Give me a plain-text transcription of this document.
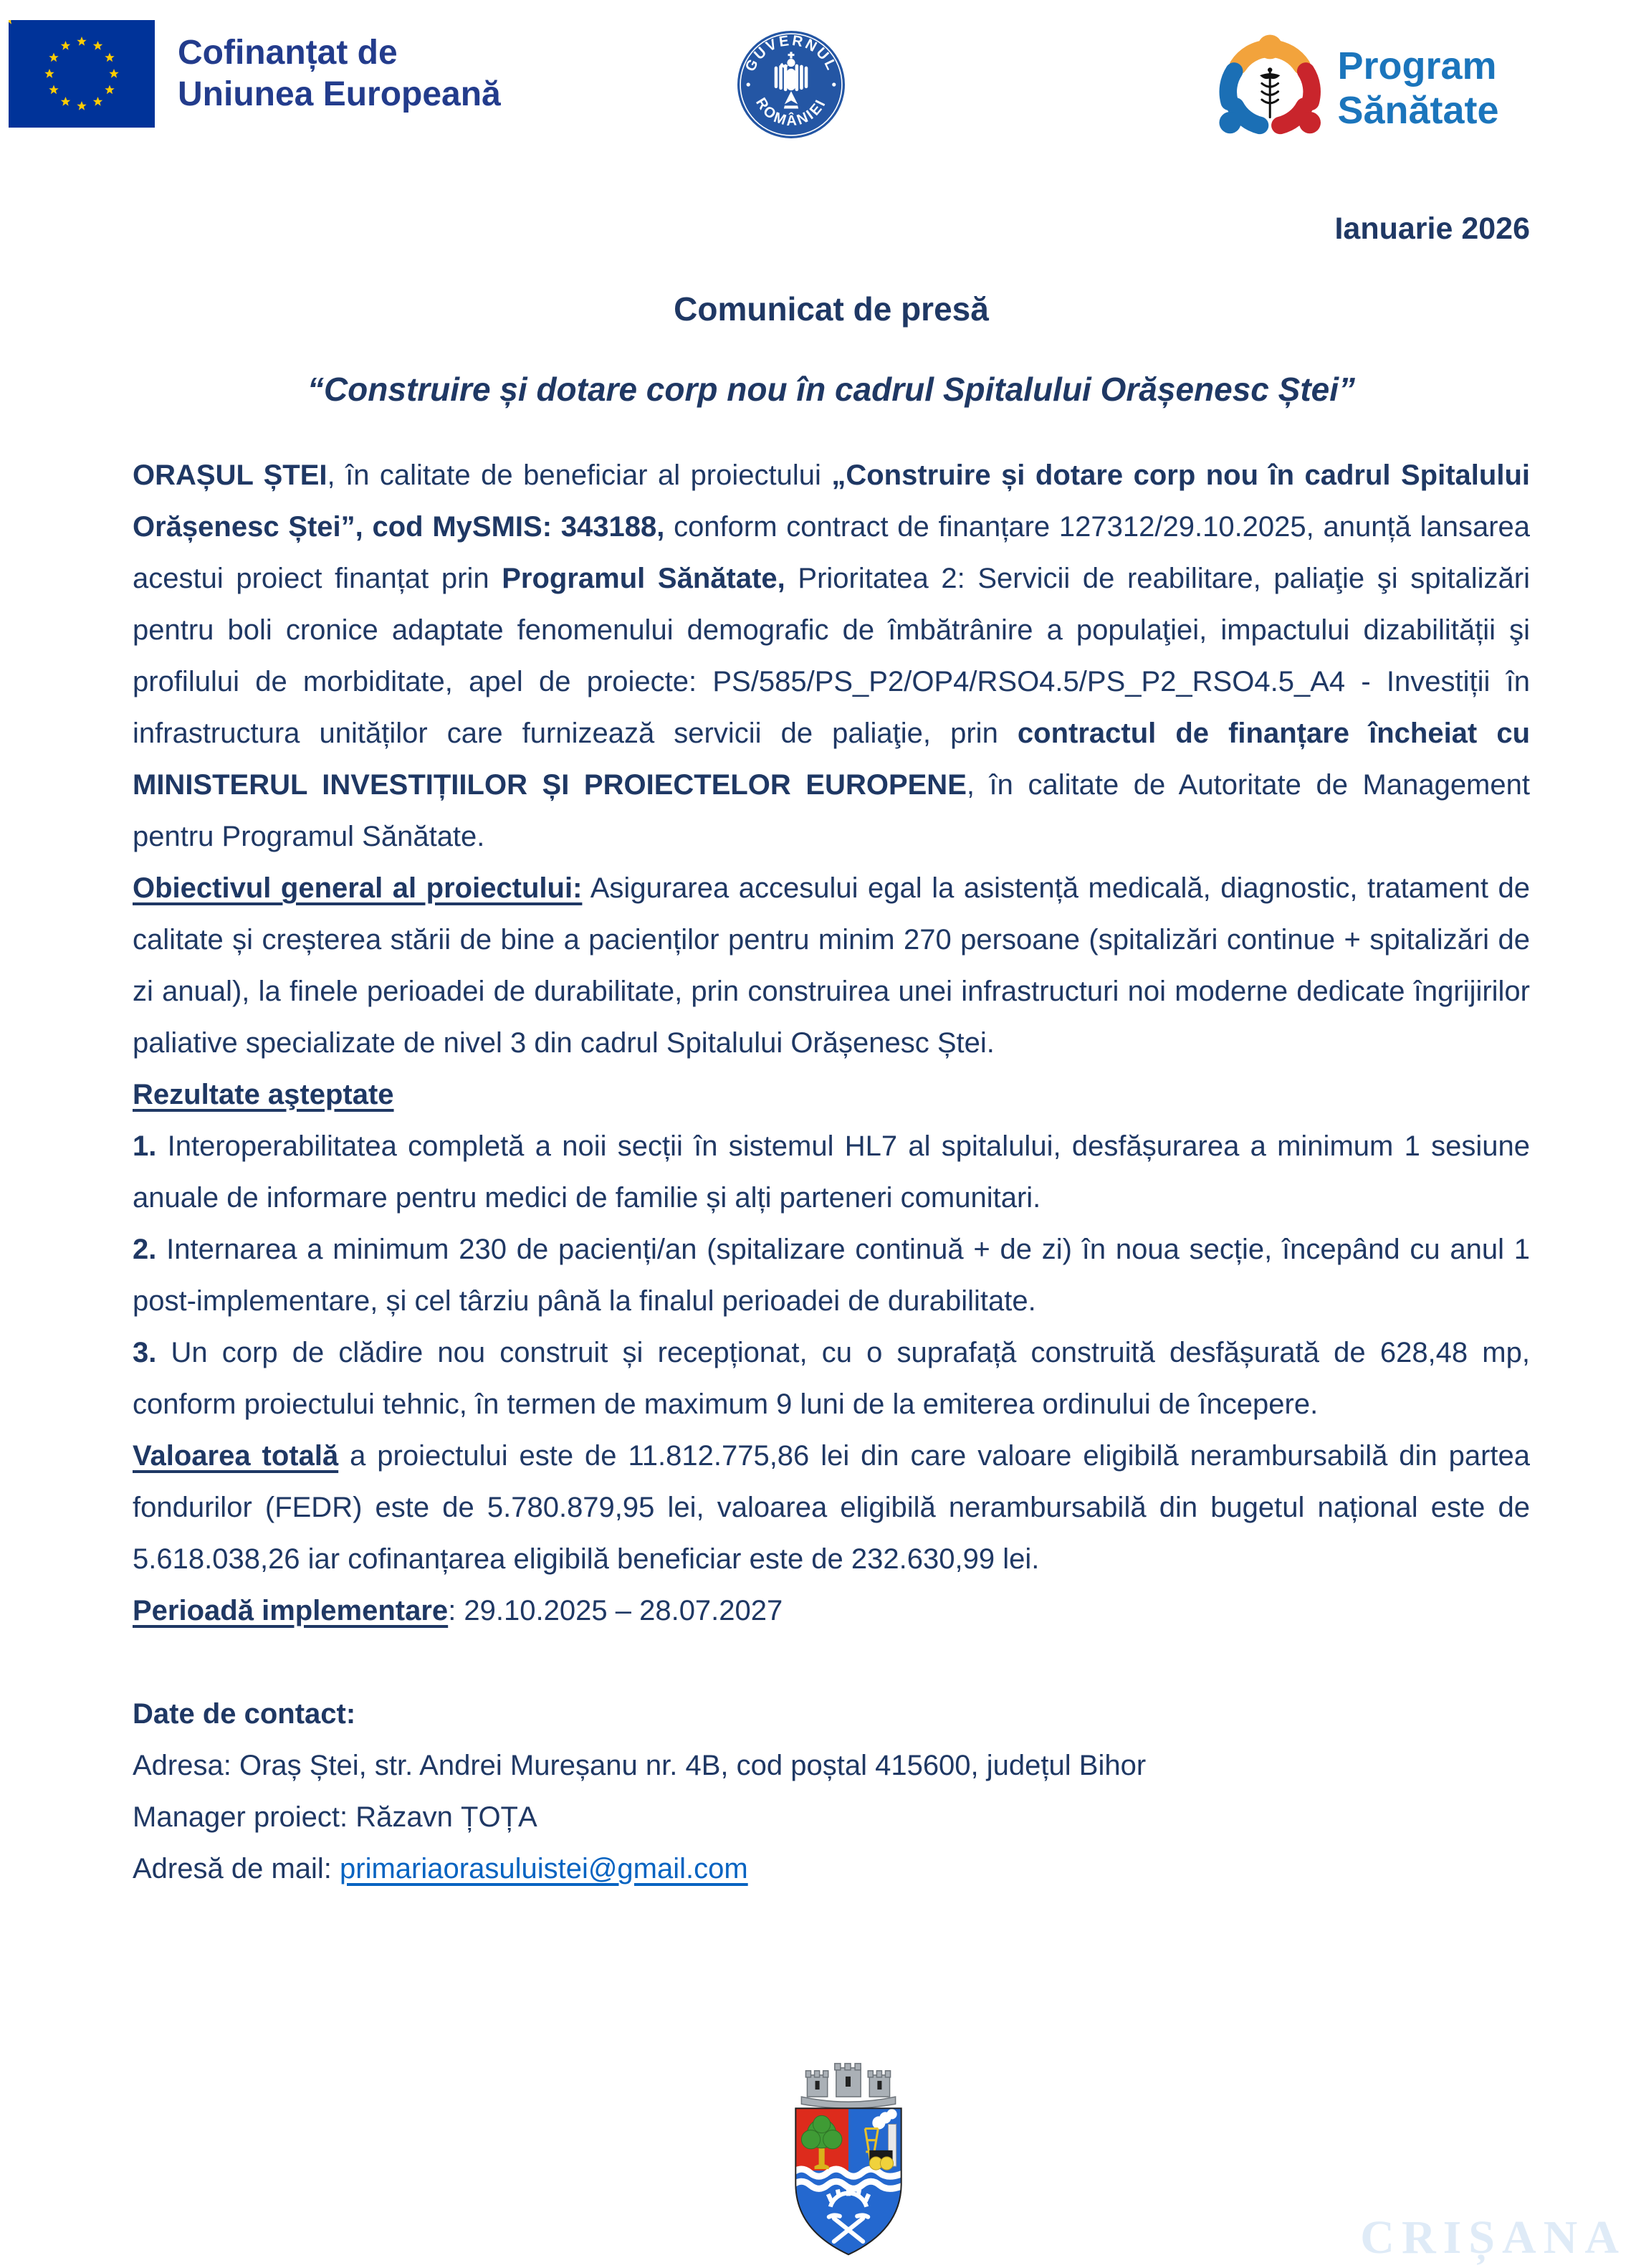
Cofinanțat de
Uniunea Europeană
GUVERNUL
ROMÂNIEI
Program Sănătate
Ianuarie 2026
Comunicat de presă
“Construire și dotare corp nou în cadrul Spitalului Orășenesc Ștei”

ORAȘUL ȘTEI, în calitate de beneficiar al proiectului „Construire și dotare corp nou în cadrul Spitalului Orășenesc Ștei”, cod MySMIS: 343188, conform contract de finanțare 127312/29.10.2025, anunță lansarea acestui proiect finanțat prin Programul Sănătate, Prioritatea 2: Servicii de reabilitare, paliaţie şi spitalizări pentru boli cronice adaptate fenomenului demografic de îmbătrânire a populaţiei, impactului dizabilității şi profilului de morbiditate, apel de proiecte: PS/585/PS_P2/OP4/RSO4.5/PS_P2_RSO4.5_A4 - Investiții în infrastructura unităților care furnizează servicii de paliaţie, prin contractul de finanțare încheiat cu MINISTERUL INVESTIȚIILOR ȘI PROIECTELOR EUROPENE, în calitate de Autoritate de Management pentru Programul Sănătate.

Obiectivul general al proiectului: Asigurarea accesului egal la asistență medicală, diagnostic, tratament de calitate și creșterea stării de bine a pacienților pentru minim 270 persoane (spitalizări continue + spitalizări de zi anual), la finele perioadei de durabilitate, prin construirea unei infrastructuri noi moderne dedicate îngrijirilor paliative specializate de nivel 3 din cadrul Spitalului Orășenesc Ștei.

Rezultate aşteptate

1. Interoperabilitatea completă a noii secții în sistemul HL7 al spitalului, desfășurarea a minimum 1 sesiune anuale de informare pentru medici de familie și alți parteneri comunitari.

2. Internarea a minimum 230 de pacienți/an (spitalizare continuă + de zi) în noua secție, începând cu anul 1 post-implementare, și cel târziu până la finalul perioadei de durabilitate.

3. Un corp de clădire nou construit și recepționat, cu o suprafață construită desfășurată de 628,48 mp, conform proiectului tehnic, în termen de maximum 9 luni de la emiterea ordinului de începere.

Valoarea totală a proiectului este de 11.812.775,86 lei din care valoare eligibilă nerambursabilă din partea fondurilor (FEDR) este de 5.780.879,95 lei, valoarea eligibilă nerambursabilă din bugetul național este de 5.618.038,26 iar cofinanțarea eligibilă beneficiar este de 232.630,99 lei.

Perioadă implementare: 29.10.2025 – 28.07.2027

Date de contact:

Adresa: Oraș Ștei, str. Andrei Mureșanu nr. 4B, cod poștal 415600, județul Bihor

Manager proiect: Răzavn ȚOȚA

Adresă de mail: primariaorasuluistei@gmail.com

CRIȘANA
